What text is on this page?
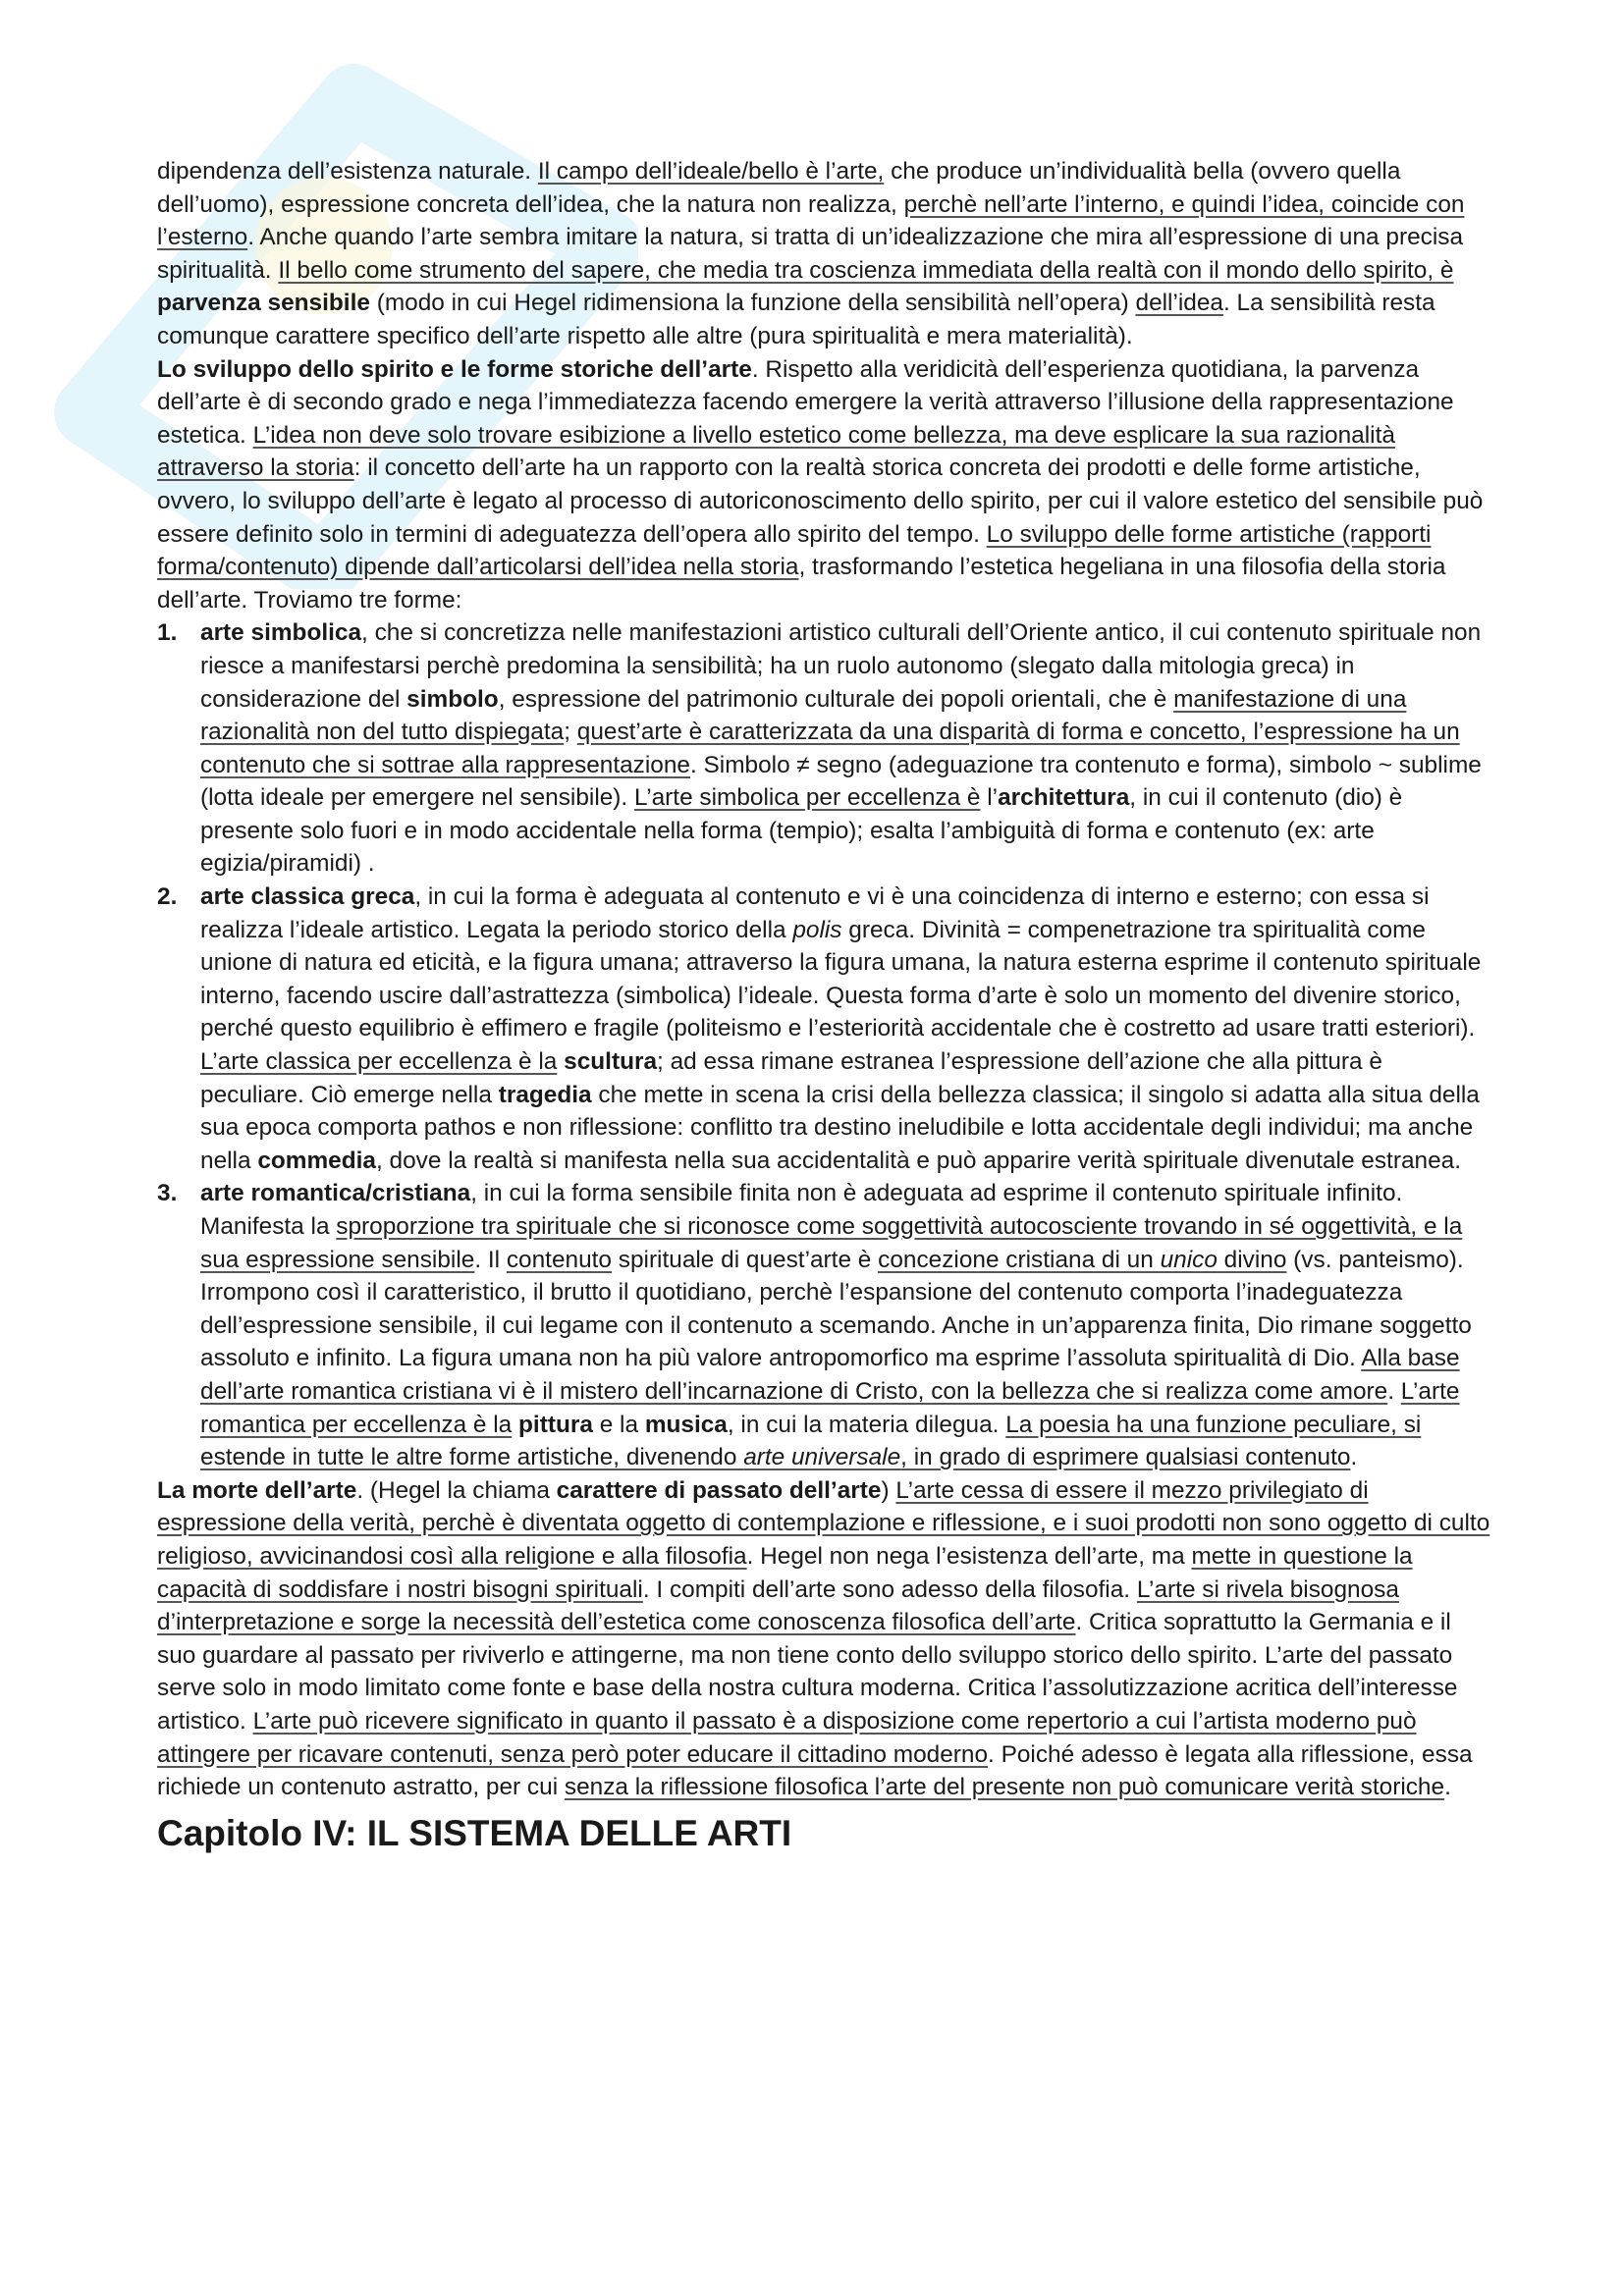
dipendenza dell’esistenza naturale. Il campo dell’ideale/bello è l’arte, che produce un’individualità bella (ovvero quella dell’uomo), espressione concreta dell’idea, che la natura non realizza, perchè nell’arte l’interno, e quindi l’idea, coincide con l’esterno. Anche quando l’arte sembra imitare la natura, si tratta di un’idealizzazione che mira all’espressione di una precisa spiritualità. Il bello come strumento del sapere, che media tra coscienza immediata della realtà con il mondo dello spirito, è parvenza sensibile (modo in cui Hegel ridimensiona la funzione della sensibilità nell’opera) dell’idea. La sensibilità resta comunque carattere specifico dell’arte rispetto alle altre (pura spiritualità e mera materialità).

Lo sviluppo dello spirito e le forme storiche dell’arte. Rispetto alla veridicità dell’esperienza quotidiana, la parvenza dell’arte è di secondo grado e nega l’immediatezza facendo emergere la verità attraverso l’illusione della rappresentazione estetica. L’idea non deve solo trovare esibizione a livello estetico come bellezza, ma deve esplicare la sua razionalità attraverso la storia: il concetto dell’arte ha un rapporto con la realtà storica concreta dei prodotti e delle forme artistiche, ovvero, lo sviluppo dell’arte è legato al processo di autoriconoscimento dello spirito, per cui il valore estetico del sensibile può essere definito solo in termini di adeguatezza dell’opera allo spirito del tempo. Lo sviluppo delle forme artistiche (rapporti forma/contenuto) dipende dall’articolarsi dell’idea nella storia, trasformando l’estetica hegeliana in una filosofia della storia dell’arte. Troviamo tre forme:

1. arte simbolica, che si concretizza nelle manifestazioni artistico culturali dell’Oriente antico, il cui contenuto spirituale non riesce a manifestarsi perchè predomina la sensibilità; ha un ruolo autonomo (slegato dalla mitologia greca) in considerazione del simbolo, espressione del patrimonio culturale dei popoli orientali, che è manifestazione di una razionalità non del tutto dispiegata; quest’arte è caratterizzata da una disparità di forma e concetto, l’espressione ha un contenuto che si sottrae alla rappresentazione. Simbolo ≠ segno (adeguazione tra contenuto e forma), simbolo ~ sublime (lotta ideale per emergere nel sensibile). L’arte simbolica per eccellenza è l’architettura, in cui il contenuto (dio) è presente solo fuori e in modo accidentale nella forma (tempio); esalta l’ambiguità di forma e contenuto (ex: arte egizia/piramidi) .
2. arte classica greca, in cui la forma è adeguata al contenuto e vi è una coincidenza di interno e esterno; con essa si realizza l’ideale artistico. Legata la periodo storico della polis greca. Divinità = compenetrazione tra spiritualità come unione di natura ed eticità, e la figura umana; attraverso la figura umana, la natura esterna esprime il contenuto spirituale interno, facendo uscire dall’astrattezza (simbolica) l’ideale. Questa forma d’arte è solo un momento del divenire storico, perché questo equilibrio è effimero e fragile (politeismo e l’esteriorità accidentale che è costretto ad usare tratti esteriori). L’arte classica per eccellenza è la scultura; ad essa rimane estranea l’espressione dell’azione che alla pittura è peculiare. Ciò emerge nella tragedia che mette in scena la crisi della bellezza classica; il singolo si adatta alla situa della sua epoca comporta pathos e non riflessione: conflitto tra destino ineludibile e lotta accidentale degli individui; ma anche nella commedia, dove la realtà si manifesta nella sua accidentalità e può apparire verità spirituale divenutale estranea.
3. arte romantica/cristiana, in cui la forma sensibile finita non è adeguata ad esprime il contenuto spirituale infinito. Manifesta la sproporzione tra spirituale che si riconosce come soggettività autocosciente trovando in sé oggettività, e la sua espressione sensibile. Il contenuto spirituale di quest’arte è concezione cristiana di un unico divino (vs. panteismo). Irrompono così il caratteristico, il brutto il quotidiano, perchè l’espansione del contenuto comporta l’inadeguatezza dell’espressione sensibile, il cui legame con il contenuto a scemando. Anche in un’apparenza finita, Dio rimane soggetto assoluto e infinito. La figura umana non ha più valore antropomorfico ma esprime l’assoluta spiritualità di Dio. Alla base dell’arte romantica cristiana vi è il mistero dell’incarnazione di Cristo, con la bellezza che si realizza come amore. L’arte romantica per eccellenza è la pittura e la musica, in cui la materia dilegua. La poesia ha una funzione peculiare, si estende in tutte le altre forme artistiche, divenendo arte universale, in grado di esprimere qualsiasi contenuto.

La morte dell’arte. (Hegel la chiama carattere di passato dell’arte) L’arte cessa di essere il mezzo privilegiato di espressione della verità, perchè è diventata oggetto di contemplazione e riflessione, e i suoi prodotti non sono oggetto di culto religioso, avvicinandosi così alla religione e alla filosofia. Hegel non nega l’esistenza dell’arte, ma mette in questione la capacità di soddisfare i nostri bisogni spirituali. I compiti dell’arte sono adesso della filosofia. L’arte si rivela bisognosa d’interpretazione e sorge la necessità dell’estetica come conoscenza filosofica dell’arte. Critica soprattutto la Germania e il suo guardare al passato per riviverlo e attingerne, ma non tiene conto dello sviluppo storico dello spirito. L’arte del passato serve solo in modo limitato come fonte e base della nostra cultura moderna. Critica l’assolutizzazione acritica dell’interesse artistico. L’arte può ricevere significato in quanto il passato è a disposizione come repertorio a cui l’artista moderno può attingere per ricavare contenuti, senza però poter educare il cittadino moderno. Poiché adesso è legata alla riflessione, essa richiede un contenuto astratto, per cui senza la riflessione filosofica l’arte del presente non può comunicare verità storiche.

Capitolo IV: IL SISTEMA DELLE ARTI
